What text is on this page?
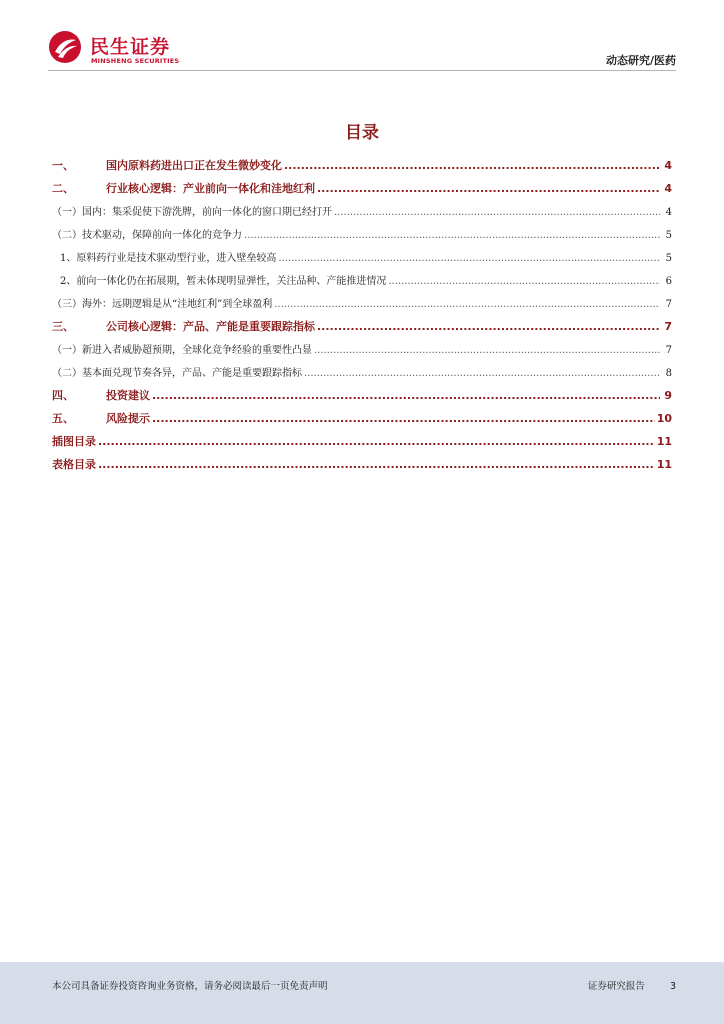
民生证券
MINSHENG SECURITIES	动态研究/医药
目录
一、	国内原料药进出口正在发生微妙变化 .....	4
二、	行业核心逻辑：产业前向一体化和洼地红利 .....	4
（一）国内：集采促使下游洗牌，前向一体化的窗口期已经打开 .....	4
（二）技术驱动，保障前向一体化的竞争力 .....	5
1、原料药行业是技术驱动型行业，进入壁垒较高 .....	5
2、前向一体化仍在拓展期，暂未体现明显弹性，关注品种、产能推进情况 .....	6
（三）海外：远期逻辑是从“洼地红利”到全球盈利 .....	7
三、	公司核心逻辑：产品、产能是重要跟踪指标 .....	7
（一）新进入者威胁超预期，全球化竞争经验的重要性凸显 .....	7
（二）基本面兑现节奏各异，产品、产能是重要跟踪指标 .....	8
四、	投资建议 .....	9
五、	风险提示 .....	10
插图目录 .....	11
表格目录 .....	11
本公司具备证券投资咨询业务资格，请务必阅读最后一页免责声明	证券研究报告	3
